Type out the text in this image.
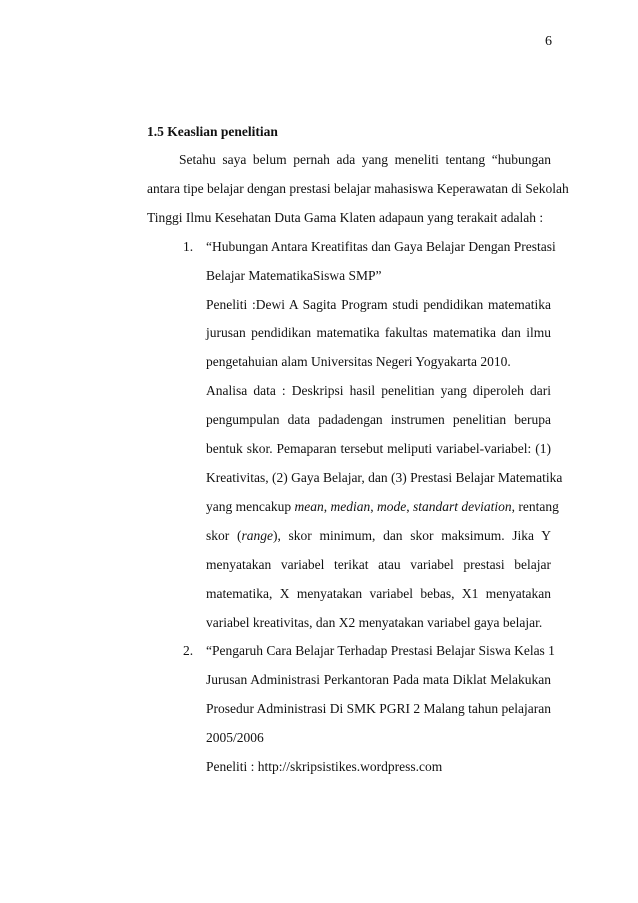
6
1.5 Keaslian penelitian
Setahu saya belum pernah ada yang meneliti tentang “hubungan
antara tipe belajar dengan prestasi belajar mahasiswa Keperawatan di Sekolah
Tinggi Ilmu Kesehatan Duta Gama Klaten adapaun yang terakait adalah :
1. “Hubungan Antara Kreatifitas dan Gaya Belajar Dengan Prestasi
Belajar MatematikaSiswa SMP”
Peneliti :Dewi A Sagita Program studi pendidikan matematika
jurusan pendidikan matematika fakultas matematika dan ilmu
pengetahuian alam Universitas Negeri Yogyakarta 2010.
Analisa data : Deskripsi hasil penelitian yang diperoleh dari
pengumpulan data padadengan instrumen penelitian berupa
bentuk skor. Pemaparan tersebut meliputi variabel-variabel: (1)
Kreativitas, (2) Gaya Belajar, dan (3) Prestasi Belajar Matematika
yang mencakup mean, median, mode, standart deviation, rentang
skor (range), skor minimum, dan skor maksimum. Jika Y
menyatakan variabel terikat atau variabel prestasi belajar
matematika, X menyatakan variabel bebas, X1 menyatakan
variabel kreativitas, dan X2 menyatakan variabel gaya belajar.
2. “Pengaruh Cara Belajar Terhadap Prestasi Belajar Siswa Kelas 1
Jurusan Administrasi Perkantoran Pada mata Diklat Melakukan
Prosedur Administrasi Di SMK PGRI 2 Malang tahun pelajaran
2005/2006
Peneliti : http://skripsistikes.wordpress.com
